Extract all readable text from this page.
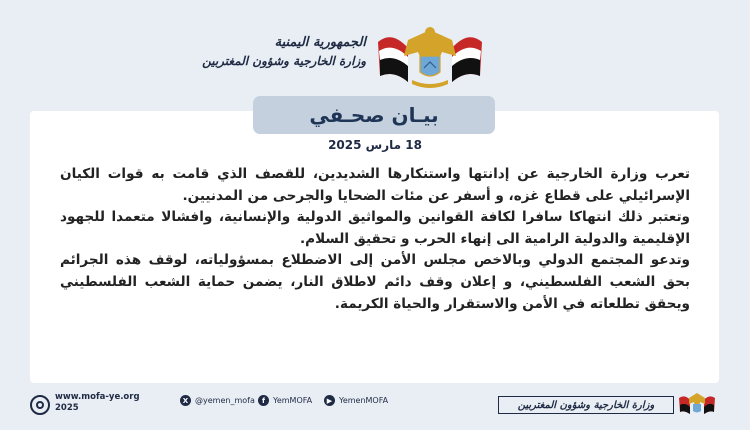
الجمهورية اليمنية
وزارة الخارجية وشؤون المغتربين
بيـان صحـفي
18 مارس 2025

تعرب وزارة الخارجية عن إدانتها واستنكارها الشديدين، للقصف الذي قامت به قوات الكيان الإسرائيلي على قطاع غزه، و أسفر عن مئات الضحايا والجرحى من المدنيين.

وتعتبر ذلك انتهاكا سافرا لكافة القوانين والمواثيق الدولية والإنسانية، وافشالا متعمدا للجهود الإقليمية والدولية الرامية الى إنهاء الحرب و تحقيق السلام.

وتدعو المجتمع الدولي وبالاخص مجلس الأمن إلى الاضطلاع بمسؤولياته، لوقف هذه الجرائم بحق الشعب الفلسطيني، و إعلان وقف دائم لاطلاق النار، يضمن حماية الشعب الفلسطيني ويحقق تطلعاته في الأمن والاستقرار والحياة الكريمة.

www.mofa-ye.org
2025
X @yemen_mofa	f YemMOFA	▶ YemenMOFA	وزارة الخارجية وشؤون المغتربين
